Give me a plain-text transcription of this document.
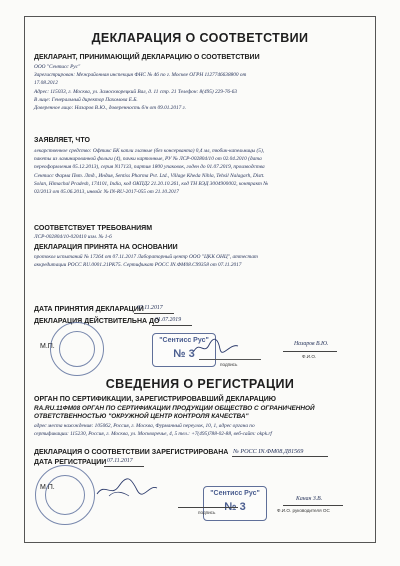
ДЕКЛАРАЦИЯ О СООТВЕТСТВИИ
ДЕКЛАРАНТ, ПРИНИМАЮЩИЙ ДЕКЛАРАЦИЮ О СООТВЕТСТВИИ
ООО "Сентисс Рус"
Зарегистрирован: Межрайонная инспекция ФНС № 46 по г. Москве ОГРН 1127746638800 от
17.08.2012
Адрес: 115033, г. Москва, ул. Замоскворецкий Вал, д. 11 стр. 21 Телефон: 8(495) 229-76-63
В лице: Генеральный директор Пахомова Е.Б.
Доверенное лицо: Назаров В.Ю., доверенность б/н от 09.01.2017 г.
ЗАЯВЛЯЕТ, ЧТО
лекарственное средство: Офтикс БК капли глазные (без консерванта) 0,4 мл, тюбик-капельницы (5),
пакеты из ламинированной фольги (4), пачки картонные, РУ № ЛСР-002804/10 от 02.04.2010 (дата
переоформления 05.12.2013), серия N17133, партия 1800 упаковок, годен до 01.07.2019, производства
Сентисс Фарма Пвт. Лтд., Индия, Sentiss Pharma Pvt. Ltd., Village Kheda Nihla, Tehsil Nalagarh, Distt.
Solan, Himachal Pradesh, 174101, India, код ОКПД2 21.20.10.261, код ТН ВЭД 3004900002, контракт №
02/2013 от 05.06.2013, инвойс № IN-RU-2017-055 от 21.10.2017
СООТВЕТСТВУЕТ ТРЕБОВАНИЯМ
ЛСР-002804/10-020410 изм. № 1-6
ДЕКЛАРАЦИЯ ПРИНЯТА НА ОСНОВАНИИ
протокол испытаний № 17264 от 07.11.2017 Лабораторный центр ООО "ЦКК ОНЦ", аттестат
аккредитации РОСС RU.0001.21РК75. Сертификат РОСС IN.ФМ08.С99358 от 07.11.2017
ДАТА ПРИНЯТИЯ ДЕКЛАРАЦИИ
07.11.2017
ДЕКЛАРАЦИЯ ДЕЙСТВИТЕЛЬНА ДО
01.07.2019
М.П.
"Сентисс Рус"
№ 3
подпись
Назаров В.Ю.
Ф.И.О.
СВЕДЕНИЯ О РЕГИСТРАЦИИ
ОРГАН ПО СЕРТИФИКАЦИИ, ЗАРЕГИСТРИРОВАВШИЙ ДЕКЛАРАЦИЮ
RA.RU.11ФМ08 ОРГАН ПО СЕРТИФИКАЦИИ ПРОДУКЦИИ ОБЩЕСТВО С ОГРАНИЧЕННОЙ
ОТВЕТСТВЕННОСТЬЮ "ОКРУЖНОЙ ЦЕНТР КОНТРОЛЯ КАЧЕСТВА"
адрес места нахождения: 105062, Россия, г. Москва, Фурманный переулок, 10, 1, адрес органа по
сертификации: 115230, Россия, г. Москва, ул. Москворечье, 4, 5 тел.: +7(495)788-02-88, веб-сайт: okpk.rf
ДЕКЛАРАЦИЯ О СООТВЕТСТВИИ ЗАРЕГИСТРИРОВАНА № РОСС IN.ФМ08.Д81569
ДАТА РЕГИСТРАЦИИ 07.11.2017
М.П.
"Сентисс Рус"
№ 3
подпись
Канан З.В.
Ф.И.О. руководителя ОС
